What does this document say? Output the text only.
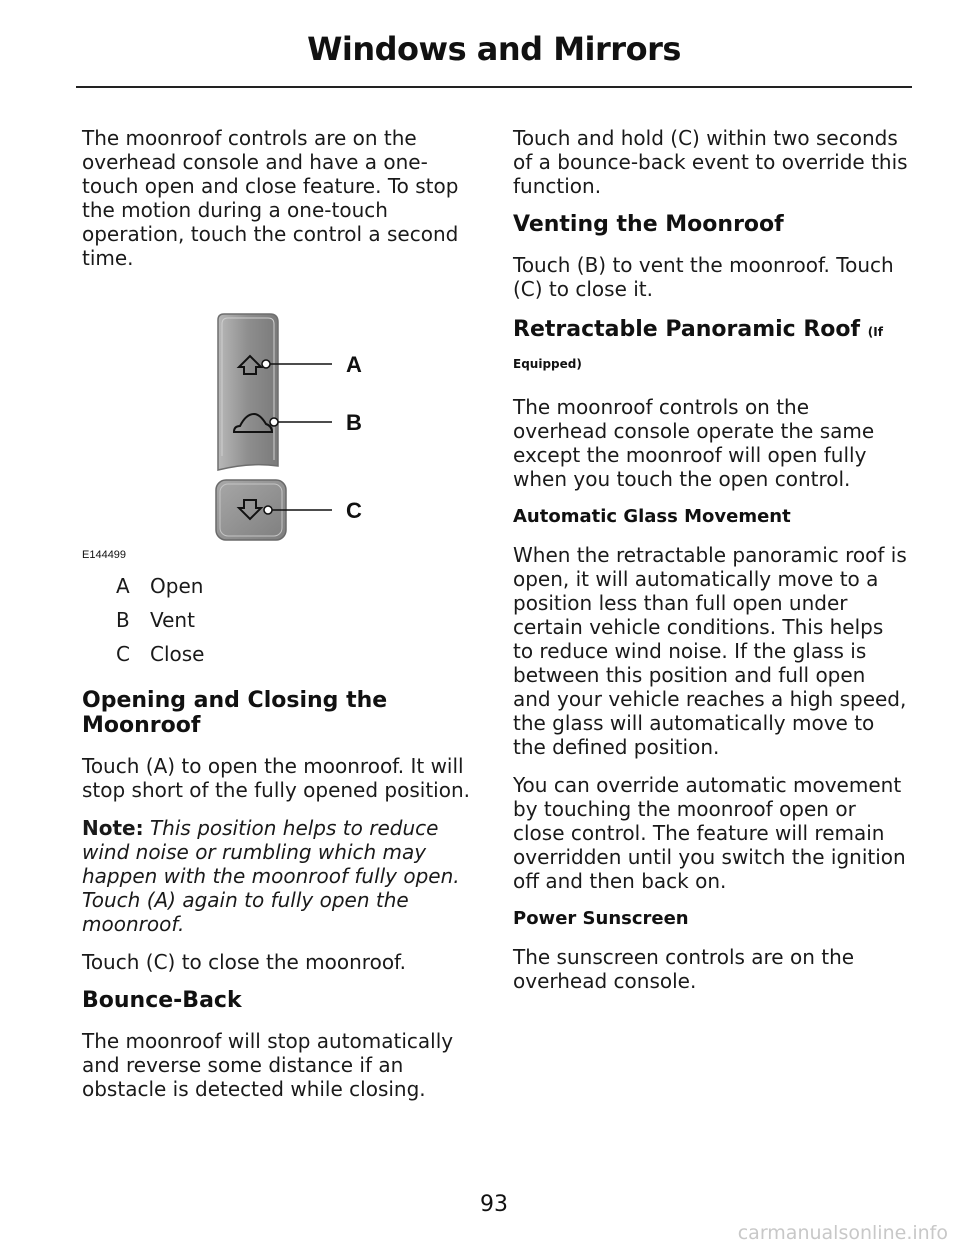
Windows and Mirrors

The moonroof controls are on the overhead console and have a one-touch open and close feature. To stop the motion during a one-touch operation, touch the control a second time.

A
B
C
E144499
A	Open
B	Vent
C	Close
Opening and Closing the Moonroof

Touch (A) to open the moonroof. It will stop short of the fully opened position.

Note: This position helps to reduce wind noise or rumbling which may happen with the moonroof fully open. Touch (A) again to fully open the moonroof.

Touch (C) to close the moonroof.

Bounce-Back

The moonroof will stop automatically and reverse some distance if an obstacle is detected while closing.

Touch and hold (C) within two seconds of a bounce-back event to override this function.

Venting the Moonroof

Touch (B) to vent the moonroof. Touch (C) to close it.

Retractable Panoramic Roof (If
Equipped)

The moonroof controls on the overhead console operate the same except the moonroof will open fully when you touch the open control.

Automatic Glass Movement

When the retractable panoramic roof is open, it will automatically move to a position less than full open under certain vehicle conditions. This helps to reduce wind noise. If the glass is between this position and full open and your vehicle reaches a high speed, the glass will automatically move to the defined position.

You can override automatic movement by touching the moonroof open or close control. The feature will remain overridden until you switch the ignition off and then back on.

Power Sunscreen

The sunscreen controls are on the overhead console.

93
carmanualsonline.info
